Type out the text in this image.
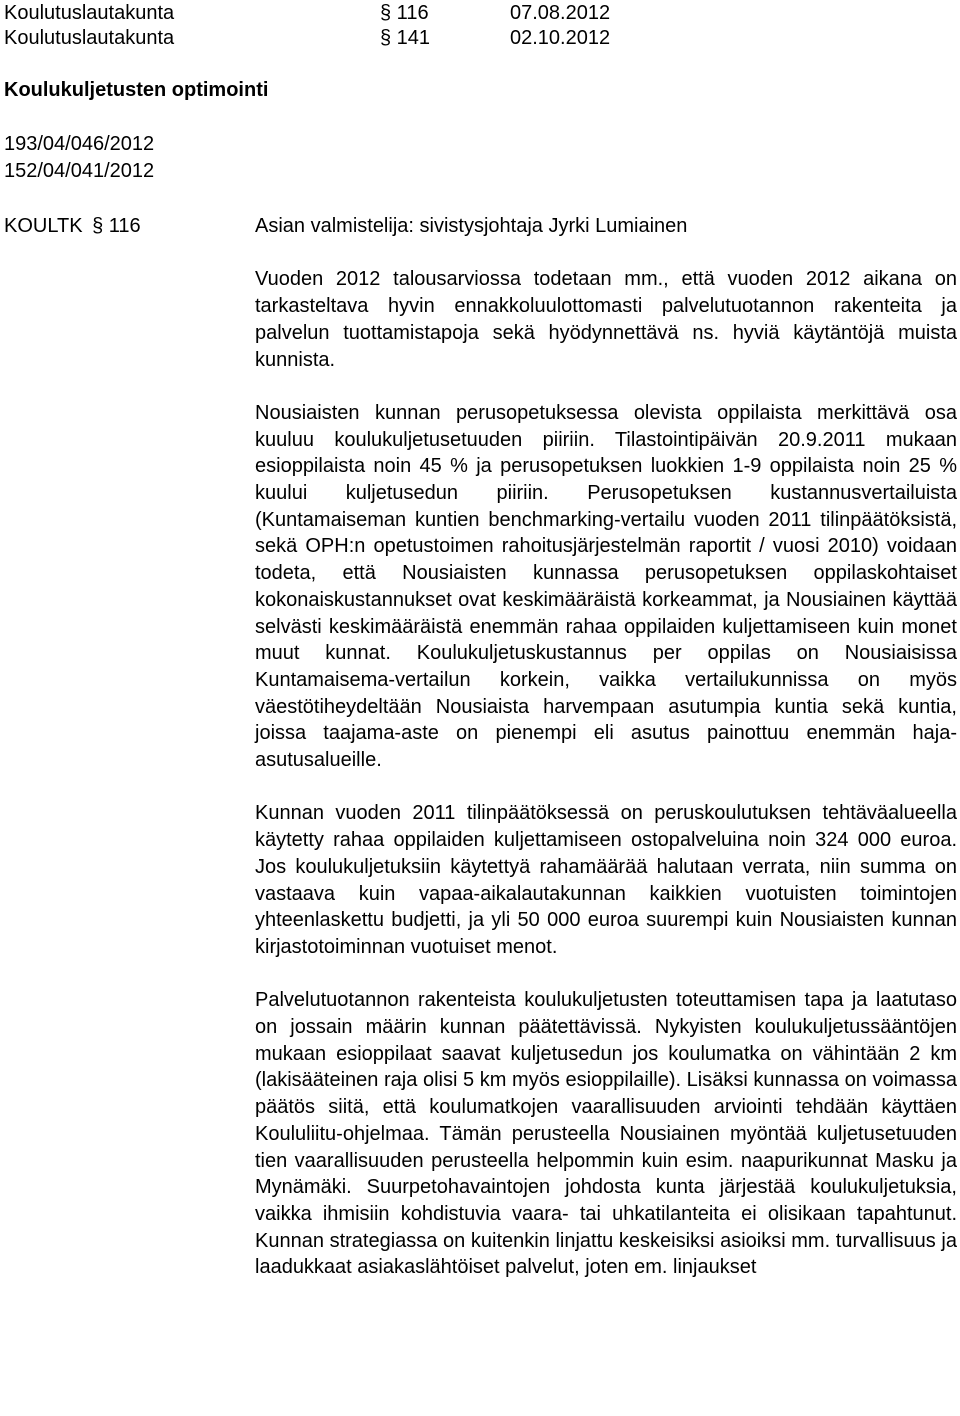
Koulutuslautakunta	§ 116	07.08.2012
Koulutuslautakunta	§ 141	02.10.2012
Koulukuljetusten optimointi
193/04/046/2012
152/04/041/2012
KOULTK § 116	Asian valmistelija: sivistysjohtaja Jyrki Lumiainen

Vuoden 2012 talousarviossa todetaan mm., että vuoden 2012 aikana on tarkasteltava hyvin ennakkoluulottomasti palvelutuotannon rakenteita ja palvelun tuottamistapoja sekä hyödynnettävä ns. hyviä käytäntöjä muista kunnista.

Nousiaisten kunnan perusopetuksessa olevista oppilaista merkittävä osa kuuluu koulukuljetusetuuden piiriin. Tilastointipäivän 20.9.2011 mukaan esioppilaista noin 45 % ja perusopetuksen luokkien 1-9 oppilaista noin 25 % kuului kuljetusedun piiriin. Perusopetuksen kustannusvertailuista (Kuntamaiseman kuntien benchmarking-vertailu vuoden 2011 tilinpäätöksistä, sekä OPH:n opetustoimen rahoitusjärjestelmän raportit / vuosi 2010) voidaan todeta, että Nousiaisten kunnassa perusopetuksen oppilaskohtaiset kokonaiskustannukset ovat keskimääräistä korkeammat, ja Nousiainen käyttää selvästi keskimääräistä enemmän rahaa oppilaiden kuljettamiseen kuin monet muut kunnat. Koulukuljetuskustannus per oppilas on Nousiaisissa Kuntamaisema-vertailun korkein, vaikka vertailukunnissa on myös väestötiheydeltään Nousiaista harvempaan asutumpia kuntia sekä kuntia, joissa taajama-aste on pienempi eli asutus painottuu enemmän haja-asutusalueille.

Kunnan vuoden 2011 tilinpäätöksessä on peruskoulutuksen tehtäväalueella käytetty rahaa oppilaiden kuljettamiseen ostopalveluina noin 324 000 euroa. Jos koulukuljetuksiin käytettyä rahamäärää halutaan verrata, niin summa on vastaava kuin vapaa-aikalautakunnan kaikkien vuotuisten toimintojen yhteenlaskettu budjetti, ja yli 50 000 euroa suurempi kuin Nousiaisten kunnan kirjastotoiminnan vuotuiset menot.

Palvelutuotannon rakenteista koulukuljetusten toteuttamisen tapa ja laatutaso on jossain määrin kunnan päätettävissä. Nykyisten koulukuljetussääntöjen mukaan esioppilaat saavat kuljetusedun jos koulumatka on vähintään 2 km (lakisääteinen raja olisi 5 km myös esioppilaille). Lisäksi kunnassa on voimassa päätös siitä, että koulumatkojen vaarallisuuden arviointi tehdään käyttäen Koululiitu-ohjelmaa. Tämän perusteella Nousiainen myöntää kuljetusetuuden tien vaarallisuuden perusteella helpommin kuin esim. naapurikunnat Masku ja Mynämäki. Suurpetohavaintojen johdosta kunta järjestää koulukuljetuksia, vaikka ihmisiin kohdistuvia vaara- tai uhkatilanteita ei olisikaan tapahtunut. Kunnan strategiassa on kuitenkin linjattu keskeisiksi asioiksi mm. turvallisuus ja laadukkaat asiakaslähtöiset palvelut, joten em. linjaukset
